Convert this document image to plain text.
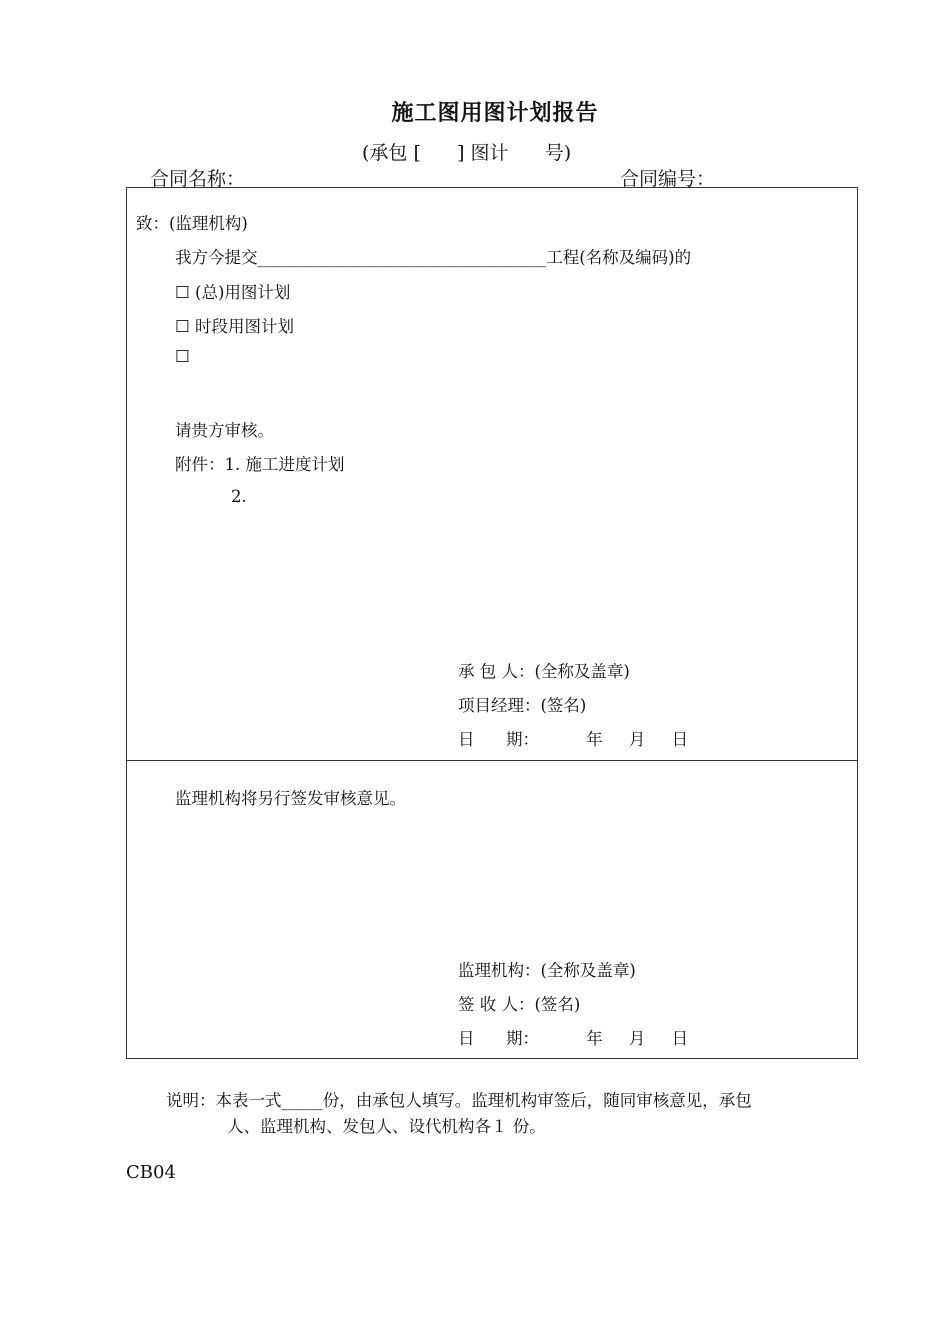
施工图用图计划报告
(承包 [      ] 图计      号)
合同名称：	合同编号：
致：(监理机构)
我方今提交___________________________________工程(名称及编码)的
☐ (总)用图计划
☐ 时段用图计划
☐
请贵方审核。
附件：1. 施工进度计划
2.
承 包 人：(全称及盖章)
项目经理：(签名)
日      期：         年     月     日
监理机构将另行签发审核意见。
监理机构：(全称及盖章)
签 收 人：(签名)
日      期：         年     月     日
说明：本表一式_____份，由承包人填写。监理机构审签后，随同审核意见，承包
人、监理机构、发包人、设代机构各１ 份。
CB04
